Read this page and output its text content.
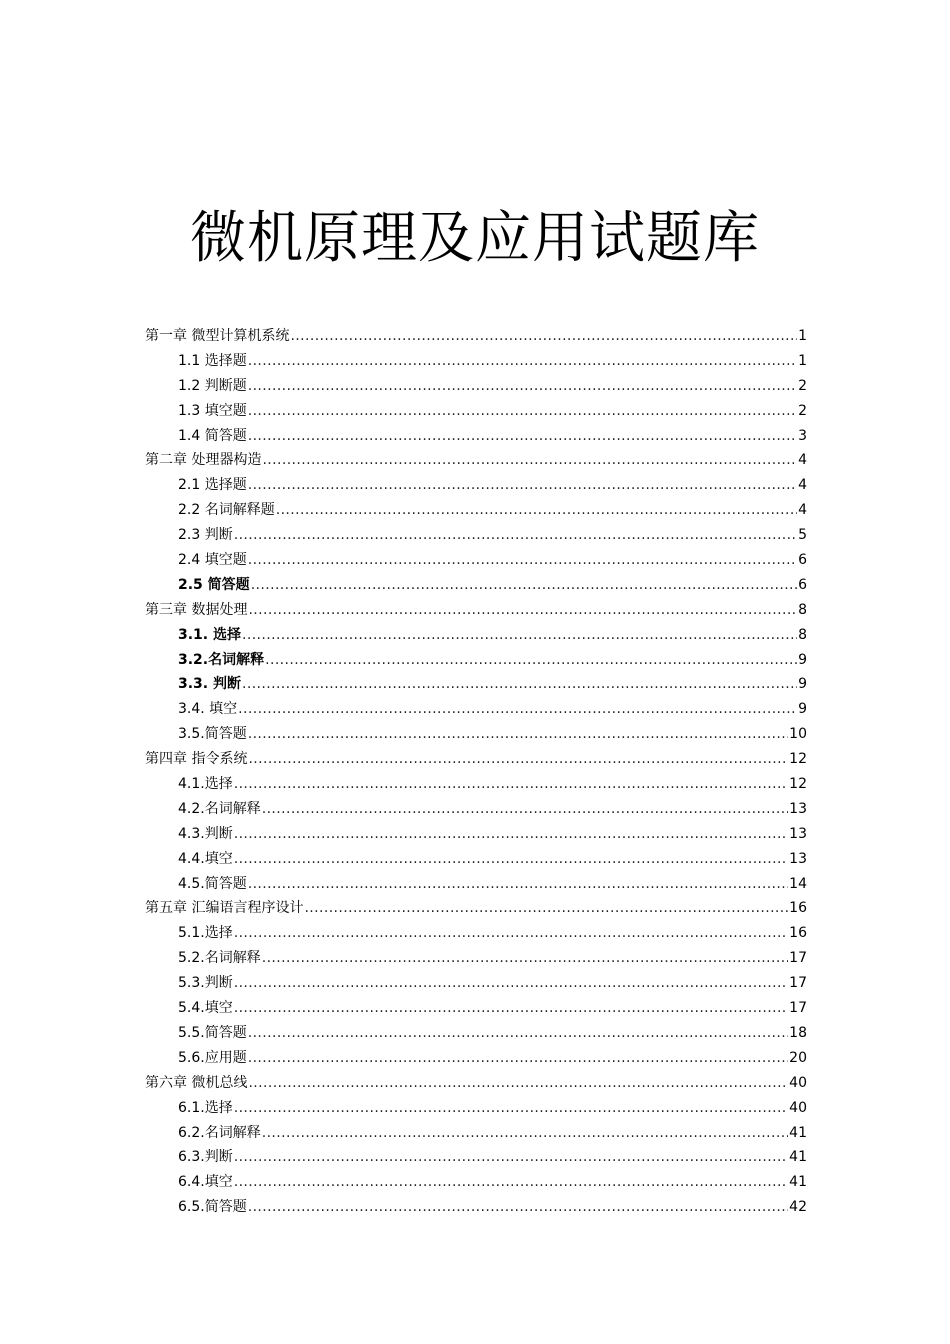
微机原理及应用试题库
第一章 微型计算机系统 .....	1
1.1 选择题 .....	1
1.2 判断题 .....	2
1.3 填空题 .....	2
1.4 简答题 .....	3
第二章 处理器构造 .....	4
2.1 选择题 .....	4
2.2 名词解释题 .....	4
2.3 判断 .....	5
2.4 填空题 .....	6
2.5 简答题 .....	6
第三章 数据处理 .....	8
3.1. 选择 .....	8
3.2.名词解释 .....	9
3.3. 判断 .....	9
3.4. 填空 .....	9
3.5.简答题 .....	10
第四章 指令系统 .....	12
4.1.选择 .....	12
4.2.名词解释 .....	13
4.3.判断 .....	13
4.4.填空 .....	13
4.5.简答题 .....	14
第五章 汇编语言程序设计 .....	16
5.1.选择 .....	16
5.2.名词解释 .....	17
5.3.判断 .....	17
5.4.填空 .....	17
5.5.简答题 .....	18
5.6.应用题 .....	20
第六章 微机总线 .....	40
6.1.选择 .....	40
6.2.名词解释 .....	41
6.3.判断 .....	41
6.4.填空 .....	41
6.5.简答题 .....	42
